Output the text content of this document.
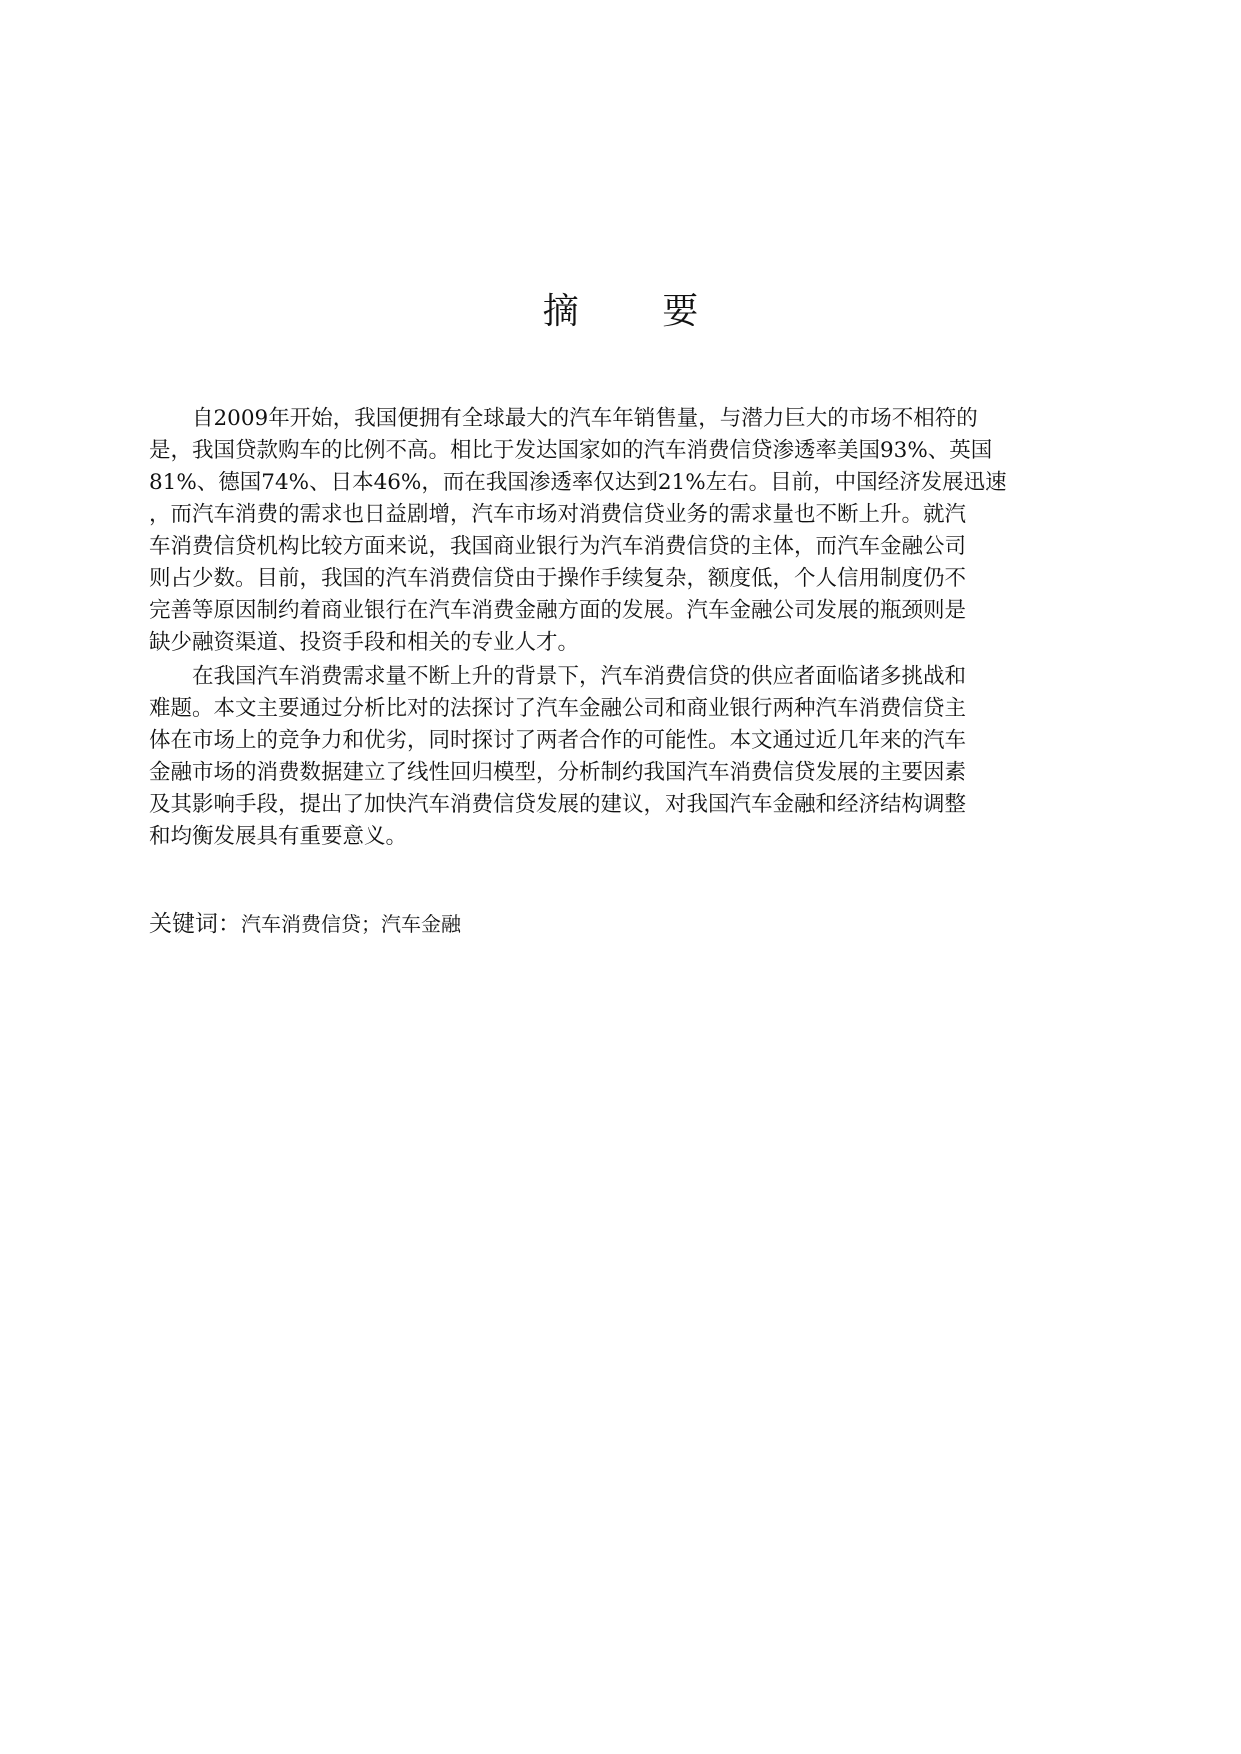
摘 要
　　自2009年开始，我国便拥有全球最大的汽车年销售量，与潜力巨大的市场不相符的
是，我国贷款购车的比例不高。相比于发达国家如的汽车消费信贷渗透率美国93%、英国
81%、德国74%、日本46%，而在我国渗透率仅达到21%左右。目前，中国经济发展迅速
，而汽车消费的需求也日益剧增，汽车市场对消费信贷业务的需求量也不断上升。就汽
车消费信贷机构比较方面来说，我国商业银行为汽车消费信贷的主体，而汽车金融公司
则占少数。目前，我国的汽车消费信贷由于操作手续复杂，额度低，个人信用制度仍不
完善等原因制约着商业银行在汽车消费金融方面的发展。汽车金融公司发展的瓶颈则是
缺少融资渠道、投资手段和相关的专业人才。
　　在我国汽车消费需求量不断上升的背景下，汽车消费信贷的供应者面临诸多挑战和
难题。本文主要通过分析比对的法探讨了汽车金融公司和商业银行两种汽车消费信贷主
体在市场上的竞争力和优劣，同时探讨了两者合作的可能性。本文通过近几年来的汽车
金融市场的消费数据建立了线性回归模型，分析制约我国汽车消费信贷发展的主要因素
及其影响手段，提出了加快汽车消费信贷发展的建议，对我国汽车金融和经济结构调整
和均衡发展具有重要意义。
关键词：汽车消费信贷；汽车金融
